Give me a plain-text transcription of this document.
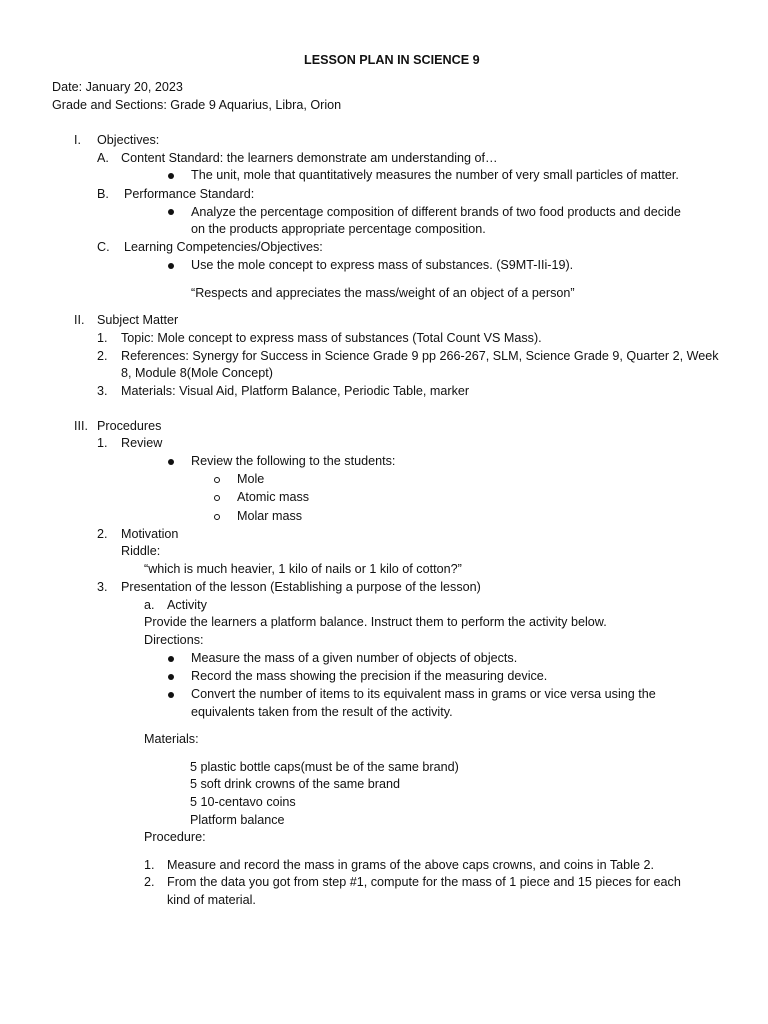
LESSON PLAN IN SCIENCE 9
Date: January 20, 2023
Grade and Sections: Grade 9 Aquarius, Libra, Orion
I. Objectives:
A. Content Standard: the learners demonstrate am understanding of…
The unit, mole that quantitatively measures the number of very small particles of matter.
B. Performance Standard:
Analyze the percentage composition of different brands of two food products and decide
on the products appropriate percentage composition.
C. Learning Competencies/Objectives:
Use the mole concept to express mass of substances. (S9MT-IIi-19).
“Respects and appreciates the mass/weight of an object of a person”
II. Subject Matter
1. Topic: Mole concept to express mass of substances (Total Count VS Mass).
2. References: Synergy for Success in Science Grade 9 pp 266-267, SLM, Science Grade 9, Quarter 2, Week
8, Module 8(Mole Concept)
3. Materials: Visual Aid, Platform Balance, Periodic Table, marker
III. Procedures
1. Review
Review the following to the students:
Mole
Atomic mass
Molar mass
2. Motivation
Riddle:
“which is much heavier, 1 kilo of nails or 1 kilo of cotton?”
3. Presentation of the lesson (Establishing a purpose of the lesson)
a. Activity
Provide the learners a platform balance. Instruct them to perform the activity below.
Directions:
Measure the mass of a given number of objects of objects.
Record the mass showing the precision if the measuring device.
Convert the number of items to its equivalent mass in grams or vice versa using the
equivalents taken from the result of the activity.
Materials:
5 plastic bottle caps(must be of the same brand)
5 soft drink crowns of the same brand
5 10-centavo coins
Platform balance
Procedure:
1. Measure and record the mass in grams of the above caps crowns, and coins in Table 2.
2. From the data you got from step #1, compute for the mass of 1 piece and 15 pieces for each
kind of material.
